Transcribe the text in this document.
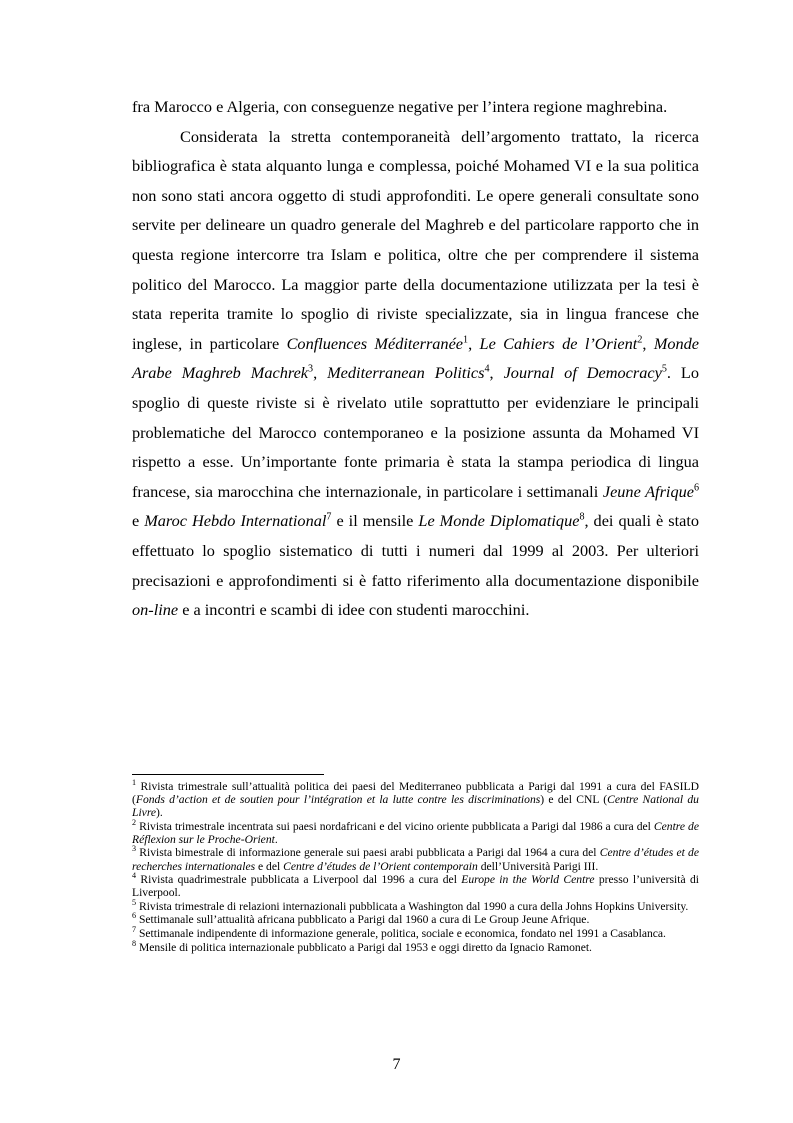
fra Marocco e Algeria, con conseguenze negative per l’intera regione maghrebina.

Considerata la stretta contemporaneità dell’argomento trattato, la ricerca bibliografica è stata alquanto lunga e complessa, poiché Mohamed VI e la sua politica non sono stati ancora oggetto di studi approfonditi. Le opere generali consultate sono servite per delineare un quadro generale del Maghreb e del particolare rapporto che in questa regione intercorre tra Islam e politica, oltre che per comprendere il sistema politico del Marocco. La maggior parte della documentazione utilizzata per la tesi è stata reperita tramite lo spoglio di riviste specializzate, sia in lingua francese che inglese, in particolare Confluences Méditerranée$^1$, Le Cahiers de l’Orient$^2$, Monde Arabe Maghreb Machrek$^3$, Mediterranean Politics$^4$, Journal of Democracy$^5$. Lo spoglio di queste riviste si è rivelato utile soprattutto per evidenziare le principali problematiche del Marocco contemporaneo e la posizione assunta da Mohamed VI rispetto a esse. Un’importante fonte primaria è stata la stampa periodica di lingua francese, sia marocchina che internazionale, in particolare i settimanali Jeune Afrique$^6$ e Maroc Hebdo International$^7$ e il mensile Le Monde Diplomatique$^8$, dei quali è stato effettuato lo spoglio sistematico di tutti i numeri dal 1999 al 2003. Per ulteriori precisazioni e approfondimenti si è fatto riferimento alla documentazione disponibile on-line e a incontri e scambi di idee con studenti marocchini.

$^1$ Rivista trimestrale sull’attualità politica dei paesi del Mediterraneo pubblicata a Parigi dal 1991 a cura del FASILD (Fonds d’action et de soutien pour l’intégration et la lutte contre les discriminations) e del CNL (Centre National du Livre).

$^2$ Rivista trimestrale incentrata sui paesi nordafricani e del vicino oriente pubblicata a Parigi dal 1986 a cura del Centre de Réflexion sur le Proche-Orient.

$^3$ Rivista bimestrale di informazione generale sui paesi arabi pubblicata a Parigi dal 1964 a cura del Centre d’études et de recherches internationales e del Centre d’études de l’Orient contemporain dell’Università Parigi III.

$^4$ Rivista quadrimestrale pubblicata a Liverpool dal 1996 a cura del Europe in the World Centre presso l’università di Liverpool.

$^5$ Rivista trimestrale di relazioni internazionali pubblicata a Washington dal 1990 a cura della Johns Hopkins University.

$^6$ Settimanale sull’attualità africana pubblicato a Parigi dal 1960 a cura di Le Group Jeune Afrique.

$^7$ Settimanale indipendente di informazione generale, politica, sociale e economica, fondato nel 1991 a Casablanca.

$^8$ Mensile di politica internazionale pubblicato a Parigi dal 1953 e oggi diretto da Ignacio Ramonet.

7
